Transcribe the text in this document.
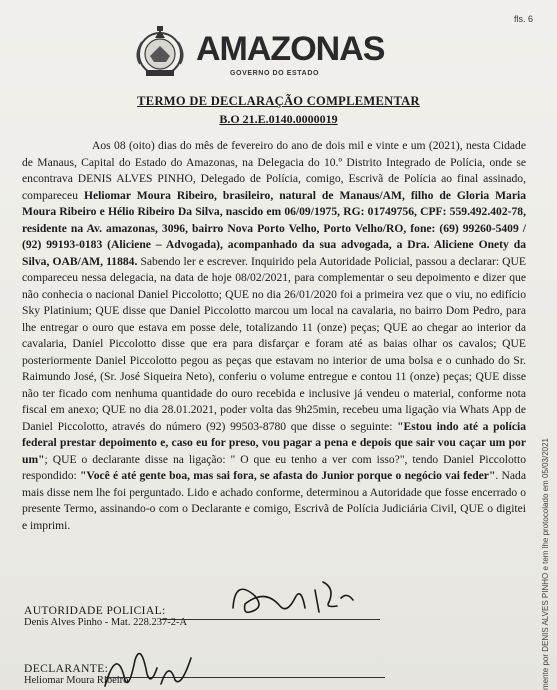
fls. 6
AMAZONAS
GOVERNO DO ESTADO
TERMO DE DECLARAÇÃO COMPLEMENTAR
B.O 21.E.0140.0000019

Aos 08 (oito) dias do mês de fevereiro do ano de dois mil e vinte e um (2021), nesta Cidade de Manaus, Capital do Estado do Amazonas, na Delegacia do 10.º Distrito Integrado de Polícia, onde se encontrava DENIS ALVES PINHO, Delegado de Polícia, comigo, Escrivã de Polícia ao final assinado, compareceu Heliomar Moura Ribeiro, brasileiro, natural de Manaus/AM, filho de Gloria Maria Moura Ribeiro e Hélio Ribeiro Da Silva, nascido em 06/09/1975, RG: 01749756, CPF: 559.492.402-78, residente na Av. amazonas, 3096, bairro Nova Porto Velho, Porto Velho/RO, fone: (69) 99260-5409 / (92) 99193-0183 (Aliciene – Advogada), acompanhado da sua advogada, a Dra. Aliciene Onety da Silva, OAB/AM, 11884. Sabendo ler e escrever. Inquirido pela Autoridade Policial, passou a declarar: QUE compareceu nessa delegacia, na data de hoje 08/02/2021, para complementar o seu depoimento e dizer que não conhecia o nacional Daniel Piccolotto; QUE no dia 26/01/2020 foi a primeira vez que o viu, no edifício Sky Platinium; QUE disse que Daniel Piccolotto marcou um local na cavalaria, no bairro Dom Pedro, para lhe entregar o ouro que estava em posse dele, totalizando 11 (onze) peças; QUE ao chegar ao interior da cavalaria, Daniel Piccolotto disse que era para disfarçar e foram até as baias olhar os cavalos; QUE posteriormente Daniel Piccolotto pegou as peças que estavam no interior de uma bolsa e o cunhado do Sr. Raimundo José, (Sr. José Siqueira Neto), conferiu o volume entregue e contou 11 (onze) peças; QUE disse não ter ficado com nenhuma quantidade do ouro recebida e inclusive já vendeu o material, conforme nota fiscal em anexo; QUE no dia 28.01.2021, poder volta das 9h25min, recebeu uma ligação via Whats App de Daniel Piccolotto, através do número (92) 99503-8780 que disse o seguinte: "Estou indo até a polícia federal prestar depoimento e, caso eu for preso, vou pagar a pena e depois que sair vou caçar um por um"; QUE o declarante disse na ligação: " O que eu tenho a ver com isso?", tendo Daniel Piccolotto respondido: "Você é até gente boa, mas sai fora, se afasta do Junior porque o negócio vai feder". Nada mais disse nem lhe foi perguntado. Lido e achado conforme, determinou a Autoridade que fosse encerrado o presente Termo, assinando-o com o Declarante e comigo, Escrivã de Polícia Judiciária Civil, QUE o digitei e imprimi.

AUTORIDADE POLICIAL:
Denis Alves Pinho - Mat. 228.237-2-A
DECLARANTE:
Heliomar Moura Ribeiro	mente por DENIS ALVES PINHO e tem lhe protocolado em 05/03/2021
